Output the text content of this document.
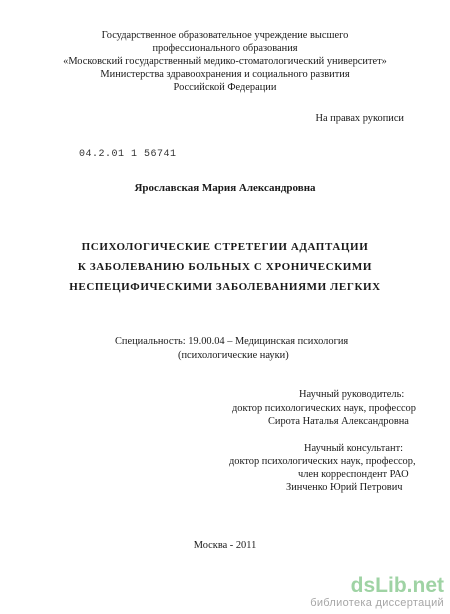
Государственное образовательное учреждение высшего
профессионального образования
«Московский государственный медико-стоматологический университет»
Министерства здравоохранения и социального развития
Российской Федерации
На правах рукописи
04.2.01 1 56741
Ярославская Мария Александровна
ПСИХОЛОГИЧЕСКИЕ СТРЕТЕГИИ АДАПТАЦИИ
К ЗАБОЛЕВАНИЮ БОЛЬНЫХ С ХРОНИЧЕСКИМИ
НЕСПЕЦИФИЧЕСКИМИ ЗАБОЛЕВАНИЯМИ ЛЕГКИХ
Специальность: 19.00.04 – Медицинская психология
(психологические науки)
Научный руководитель:
доктор психологических наук, профессор
Сирота Наталья Александровна
Научный консультант:
доктор психологических наук, профессор,
член корреспондент РАО
Зинченко Юрий Петрович
Москва - 2011
dsLib.net
библиотека диссертаций
